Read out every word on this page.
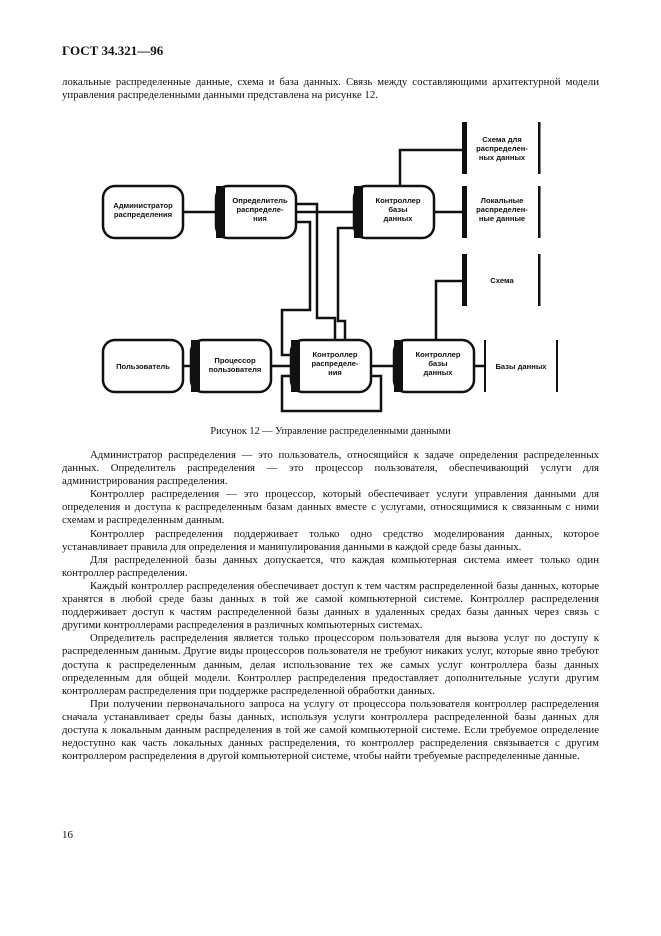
ГОСТ 34.321—96

локальные распределенные данные, схема и база данных. Связь между составляющими архитектурной модели управления распределенными данными представлена на рисунке 12.

Администратор распределения
Определитель распределе-ния
Контроллер базы данных
Схема для распределен-ных данных
Локальные распределен-ные данные
Схема
Пользователь
Процессор пользователя
Контроллер распределе-ния
Контроллер базы данных
Базы данных
Рисунок 12 — Управление распределенными данными

Администратор распределения — это пользователь, относящийся к задаче определения распределенных данных. Определитель распределения — это процессор пользователя, обеспечивающий услуги для администрирования распределения.

Контроллер распределения — это процессор, который обеспечивает услуги управления данными для определения и доступа к распределенным базам данных вместе с услугами, относящимися к связанным с ними схемам и распределенным данным.

Контроллер распределения поддерживает только одно средство моделирования данных, которое устанавливает правила для определения и манипулирования данными в каждой среде базы данных.

Для распределенной базы данных допускается, что каждая компьютерная система имеет только один контроллер распределения.

Каждый контроллер распределения обеспечивает доступ к тем частям распределенной базы данных, которые хранятся в любой среде базы данных в той же самой компьютерной системе. Контроллер распределения поддерживает доступ к частям распределенной базы данных в удаленных средах базы данных через связь с другими контроллерами распределения в различных компьютерных системах.

Определитель распределения является только процессором пользователя для вызова услуг по доступу к распределенным данным. Другие виды процессоров пользователя не требуют никаких услуг, которые явно требуют доступа к распределенным данным, делая использование тех же самых услуг контроллера базы данных определенным для общей модели. Контроллер распределения предоставляет дополнительные услуги другим контроллерам распределения при поддержке распределенной обработки данных.

При получении первоначального запроса на услугу от процессора пользователя контроллер распределения сначала устанавливает среды базы данных, используя услуги контроллера распределенной базы данных для доступа к локальным данным распределения в той же самой компьютерной системе. Если требуемое определение недоступно как часть локальных данных распределения, то контроллер распределения связывается с другим контроллером распределения в другой компьютерной системе, чтобы найти требуемые распределенные данные.

16
